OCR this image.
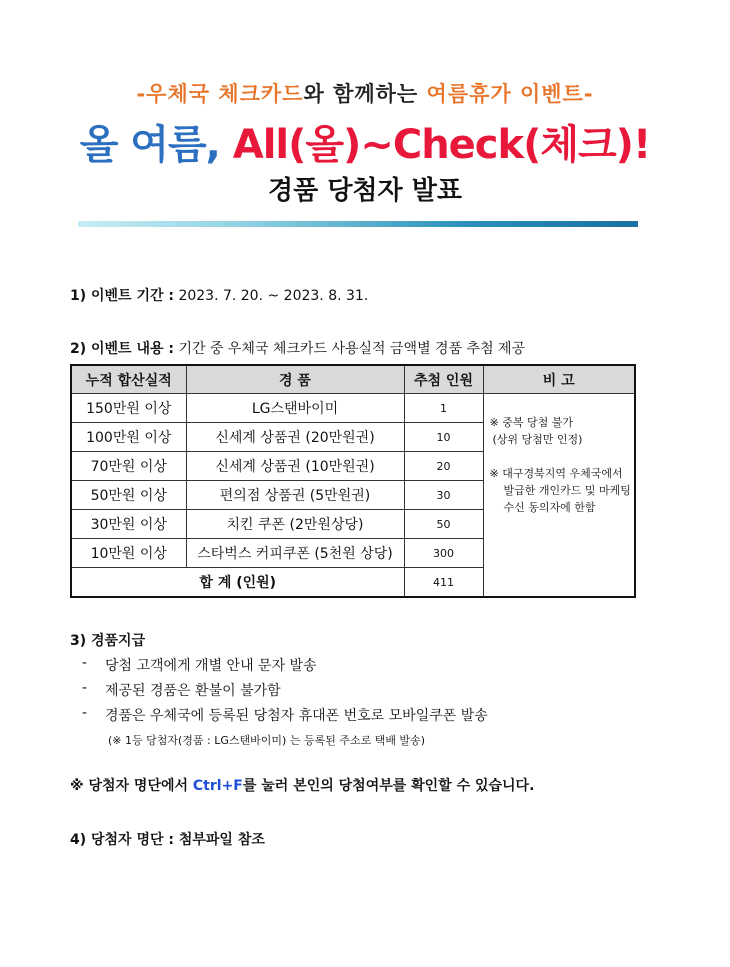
-우체국 체크카드와 함께하는 여름휴가 이벤트-
올 여름, All(올)~Check(체크)!
경품 당첨자 발표
1) 이벤트 기간 : 2023. 7. 20. ~ 2023. 8. 31.
2) 이벤트 내용 : 기간 중 우체국 체크카드 사용실적 금액별 경품 추첨 제공
누적 합산실적	경 품	추첨 인원	비 고
150만원 이상	LG스탠바이미	1	※ 중복 당첨 불가
(상위 당첨만 인정)
※ 대구경북지역 우체국에서
발급한 개인카드 및 마케팅
수신 동의자에 한함

100만원 이상	신세계 상품권 (20만원권)	10	
70만원 이상	신세계 상품권 (10만원권)	20	
50만원 이상	편의점 상품권 (5만원권)	30	
30만원 이상	치킨 쿠폰 (2만원상당)	50	
10만원 이상	스타벅스 커피쿠폰 (5천원 상당)	300	
합 계 (인원)		411	
3) 경품지급
- 당첨 고객에게 개별 안내 문자 발송
- 제공된 경품은 환불이 불가함
- 경품은 우체국에 등록된 당첨자 휴대폰 번호로 모바일쿠폰 발송
(※ 1등 당첨자(경품 : LG스탠바이미) 는 등록된 주소로 택배 발송)
※ 당첨자 명단에서 Ctrl+F를 눌러 본인의 당첨여부를 확인할 수 있습니다.
4) 당첨자 명단 : 첨부파일 참조
